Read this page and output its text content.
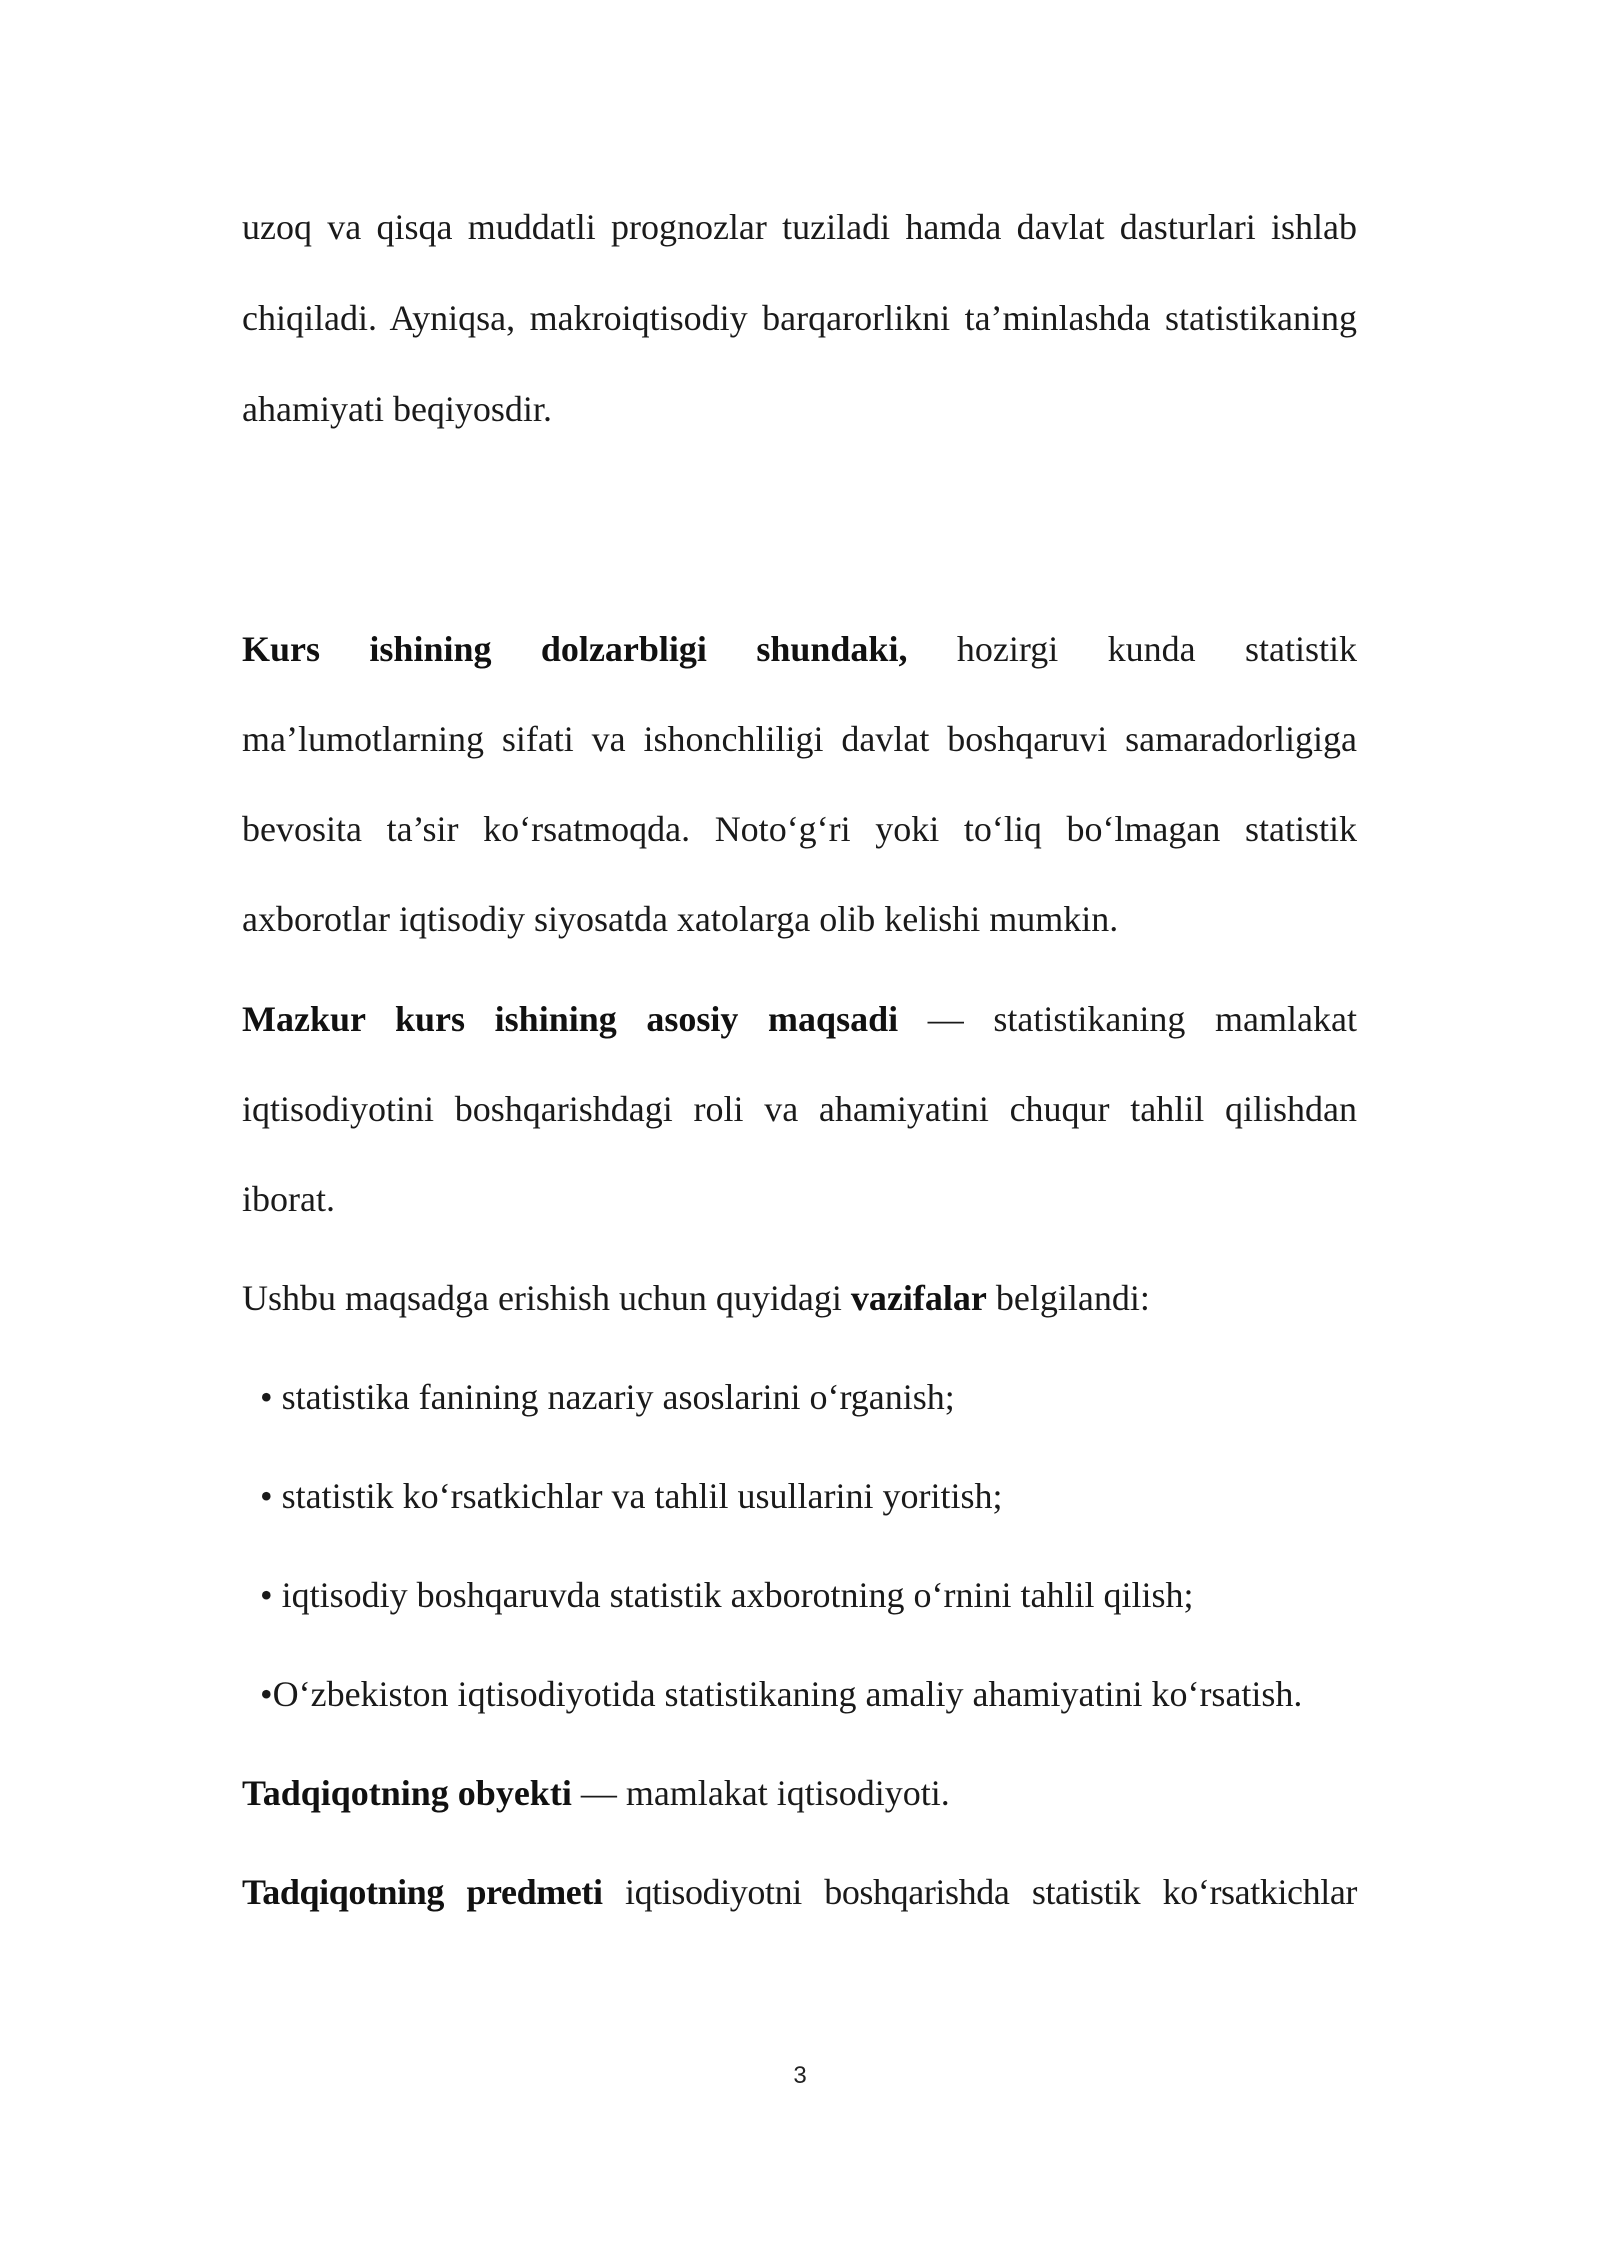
uzoq va qisqa muddatli prognozlar tuziladi hamda davlat dasturlari ishlab
chiqiladi. Ayniqsa, makroiqtisodiy barqarorlikni ta’minlashda statistikaning
ahamiyati beqiyosdir.
Kurs ishining dolzarbligi shundaki, hozirgi kunda statistik
ma’lumotlarning sifati va ishonchliligi davlat boshqaruvi samaradorligiga
bevosita ta’sir ko‘rsatmoqda. Noto‘g‘ri yoki to‘liq bo‘lmagan statistik
axborotlar iqtisodiy siyosatda xatolarga olib kelishi mumkin.
Mazkur kurs ishining asosiy maqsadi — statistikaning mamlakat
iqtisodiyotini boshqarishdagi roli va ahamiyatini chuqur tahlil qilishdan
iborat.
Ushbu maqsadga erishish uchun quyidagi vazifalar belgilandi:
• statistika fanining nazariy asoslarini o‘rganish;
• statistik ko‘rsatkichlar va tahlil usullarini yoritish;
• iqtisodiy boshqaruvda statistik axborotning o‘rnini tahlil qilish;
•O‘zbekiston iqtisodiyotida statistikaning amaliy ahamiyatini ko‘rsatish.
Tadqiqotning obyekti — mamlakat iqtisodiyoti.
Tadqiqotning predmeti iqtisodiyotni boshqarishda statistik ko‘rsatkichlar
3
